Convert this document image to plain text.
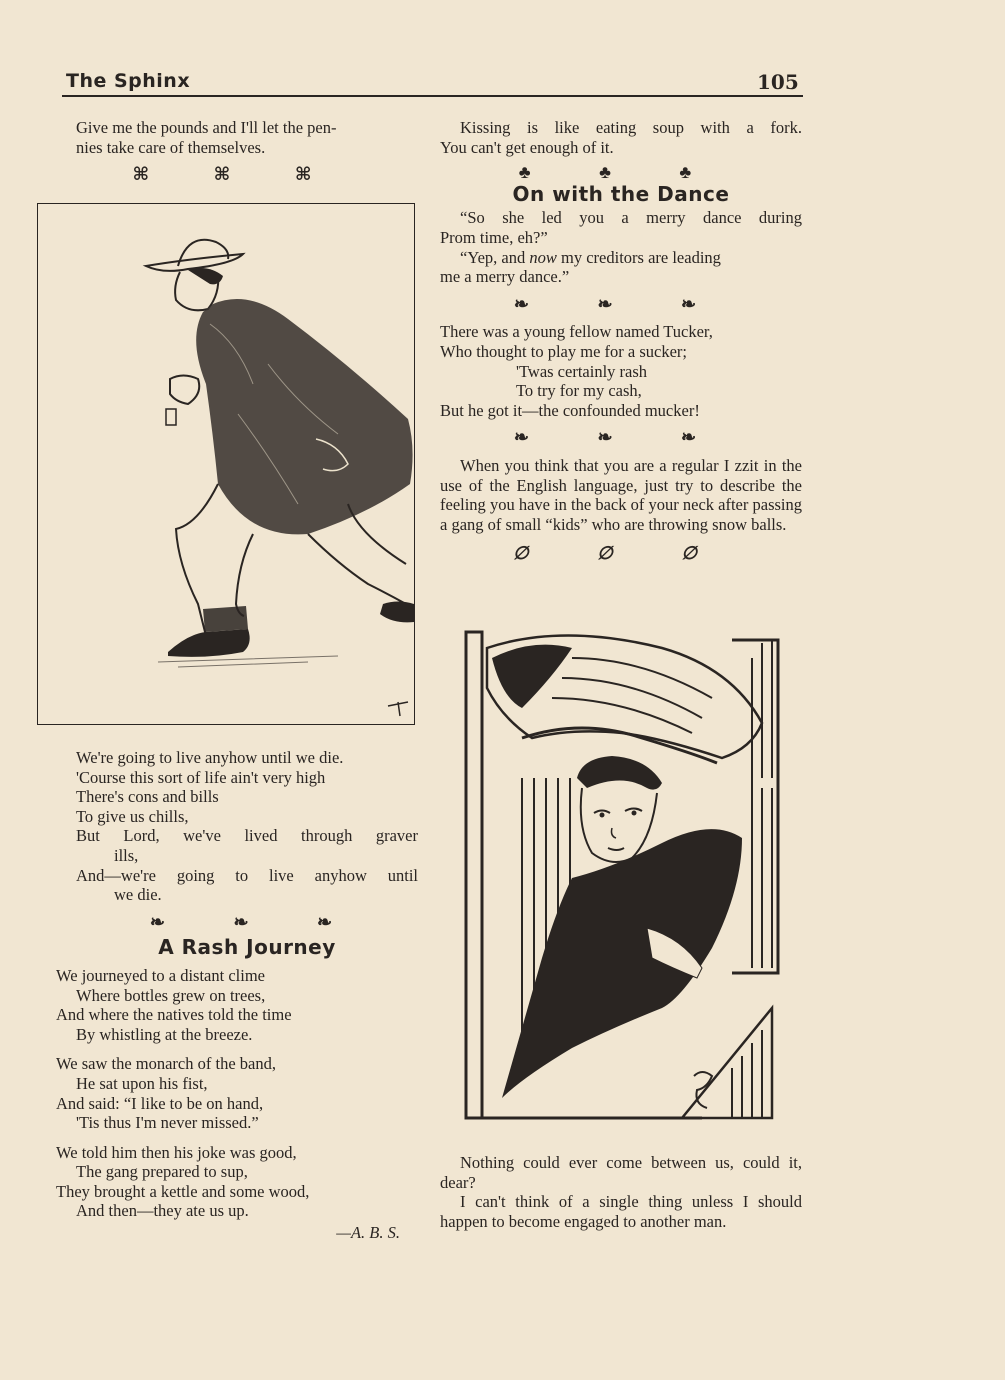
The Sphinx	105

Give me the pounds and I'll let the pen-

nies take care of themselves.

⌘ ⌘ ⌘
We're going to live anyhow until we die.
'Course this sort of life ain't very high
There's cons and bills
To give us chills,
But Lord, we've lived through graver
ills,
And—we're going to live anyhow until
we die.
❧ ❧ ❧
A Rash Journey
We journeyed to a distant clime
Where bottles grew on trees,
And where the natives told the time
By whistling at the breeze.
We saw the monarch of the band,
He sat upon his fist,
And said: “I like to be on hand,
'Tis thus I'm never missed.”
We told him then his joke was good,
The gang prepared to sup,
They brought a kettle and some wood,
And then—they ate us up.
—A. B. S.

Kissing is like eating soup with a fork.

You can't get enough of it.

♣ ♣ ♣
On with the Dance

“So she led you a merry dance during

Prom time, eh?”

“Yep, and now my creditors are leading

me a merry dance.”

❧ ❧ ❧
There was a young fellow named Tucker,
Who thought to play me for a sucker;
'Twas certainly rash
To try for my cash,
But he got it—the confounded mucker!
❧ ❧ ❧

When you think that you are a regular I zzit in the use of the English language, just try to describe the feeling you have in the back of your neck after passing a gang of small “kids” who are throwing snow balls.

∅ ∅ ∅

Nothing could ever come between us, could it, dear?

I can't think of a single thing unless I should happen to become engaged to another man.
